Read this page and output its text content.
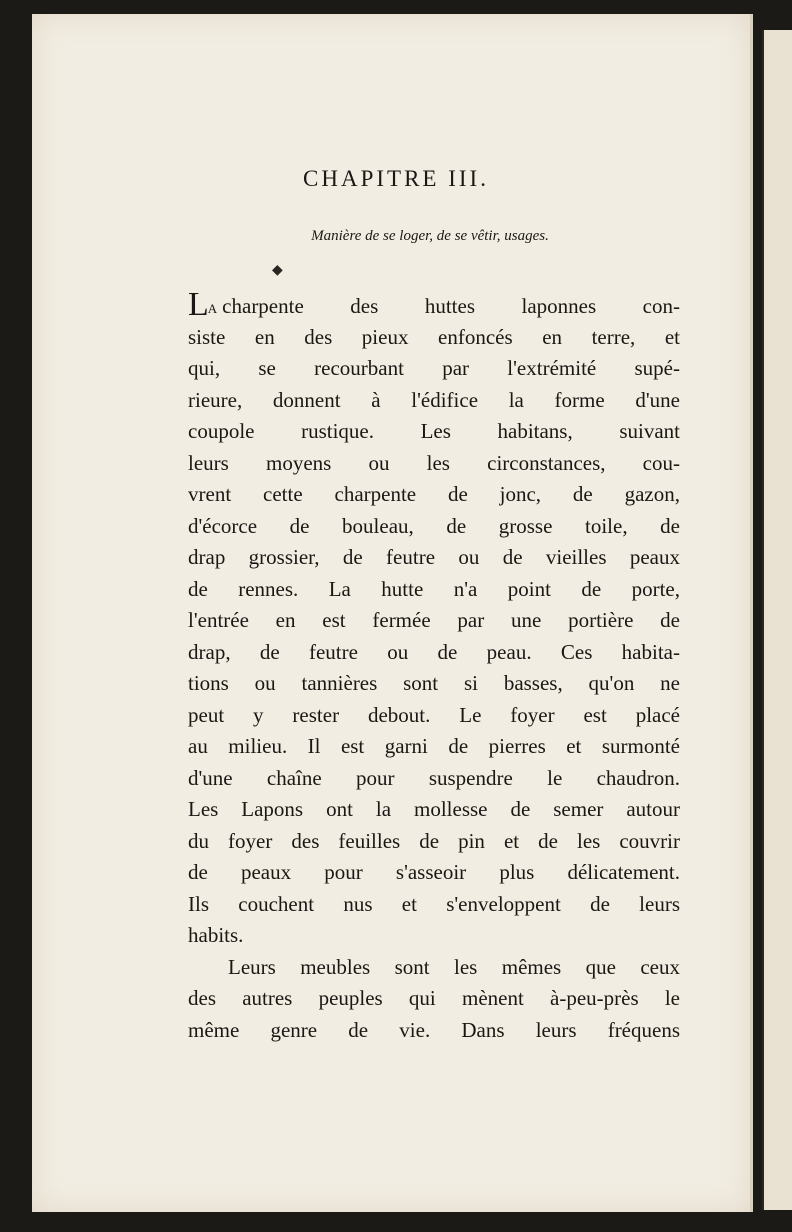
CHAPITRE III.
Manière de se loger, de se vêtir, usages.
◆
LA charpente des huttes laponnes con-
siste en des pieux enfoncés en terre, et
qui, se recourbant par l'extrémité supé-
rieure, donnent à l'édifice la forme d'une
coupole rustique. Les habitans, suivant
leurs moyens ou les circonstances, cou-
vrent cette charpente de jonc, de gazon,
d'écorce de bouleau, de grosse toile, de
drap grossier, de feutre ou de vieilles peaux
de rennes. La hutte n'a point de porte,
l'entrée en est fermée par une portière de
drap, de feutre ou de peau. Ces habita-
tions ou tannières sont si basses, qu'on ne
peut y rester debout. Le foyer est placé
au milieu. Il est garni de pierres et surmonté
d'une chaîne pour suspendre le chaudron.
Les Lapons ont la mollesse de semer autour
du foyer des feuilles de pin et de les couvrir
de peaux pour s'asseoir plus délicatement.
Ils couchent nus et s'enveloppent de leurs
habits.
Leurs meubles sont les mêmes que ceux
des autres peuples qui mènent à-peu-près le
même genre de vie. Dans leurs fréquens
